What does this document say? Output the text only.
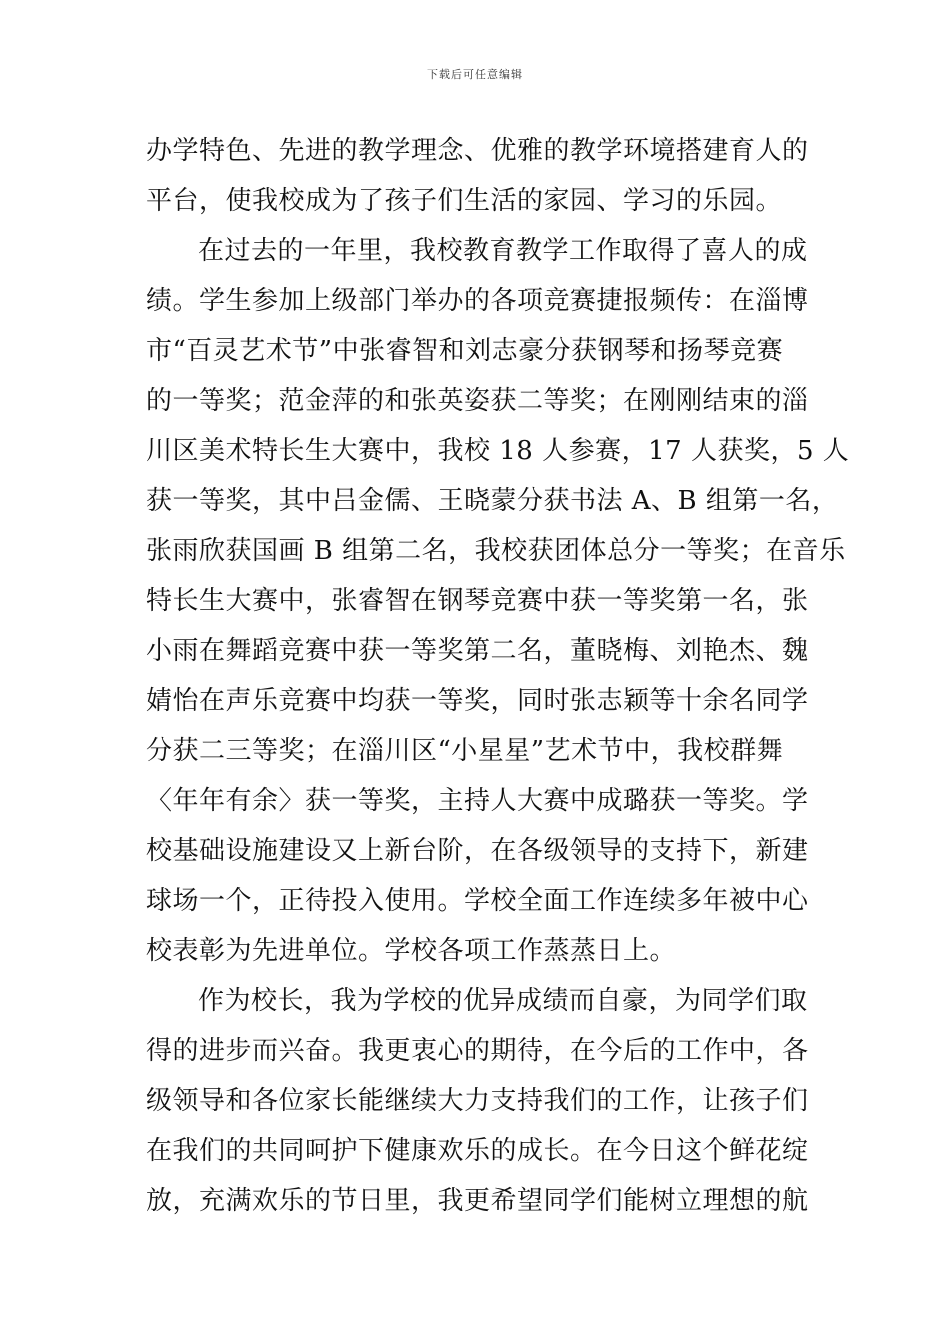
下载后可任意编辑
办学特色、先进的教学理念、优雅的教学环境搭建育人的
平台，使我校成为了孩子们生活的家园、学习的乐园。
在过去的一年里，我校教育教学工作取得了喜人的成
绩。学生参加上级部门举办的各项竞赛捷报频传：在淄博
市“百灵艺术节”中张睿智和刘志豪分获钢琴和扬琴竞赛
的一等奖；范金萍的和张英姿获二等奖；在刚刚结束的淄
川区美术特长生大赛中，我校 18 人参赛，17 人获奖，5 人
获一等奖，其中吕金儒、王晓蒙分获书法 A、B 组第一名，
张雨欣获国画 B 组第二名，我校获团体总分一等奖；在音乐
特长生大赛中，张睿智在钢琴竞赛中获一等奖第一名，张
小雨在舞蹈竞赛中获一等奖第二名，董晓梅、刘艳杰、魏
婧怡在声乐竞赛中均获一等奖，同时张志颖等十余名同学
分获二三等奖；在淄川区“小星星”艺术节中，我校群舞
〈年年有余〉获一等奖，主持人大赛中成璐获一等奖。学
校基础设施建设又上新台阶，在各级领导的支持下，新建
球场一个，正待投入使用。学校全面工作连续多年被中心
校表彰为先进单位。学校各项工作蒸蒸日上。
作为校长，我为学校的优异成绩而自豪，为同学们取
得的进步而兴奋。我更衷心的期待，在今后的工作中，各
级领导和各位家长能继续大力支持我们的工作，让孩子们
在我们的共同呵护下健康欢乐的成长。在今日这个鲜花绽
放，充满欢乐的节日里，我更希望同学们能树立理想的航
